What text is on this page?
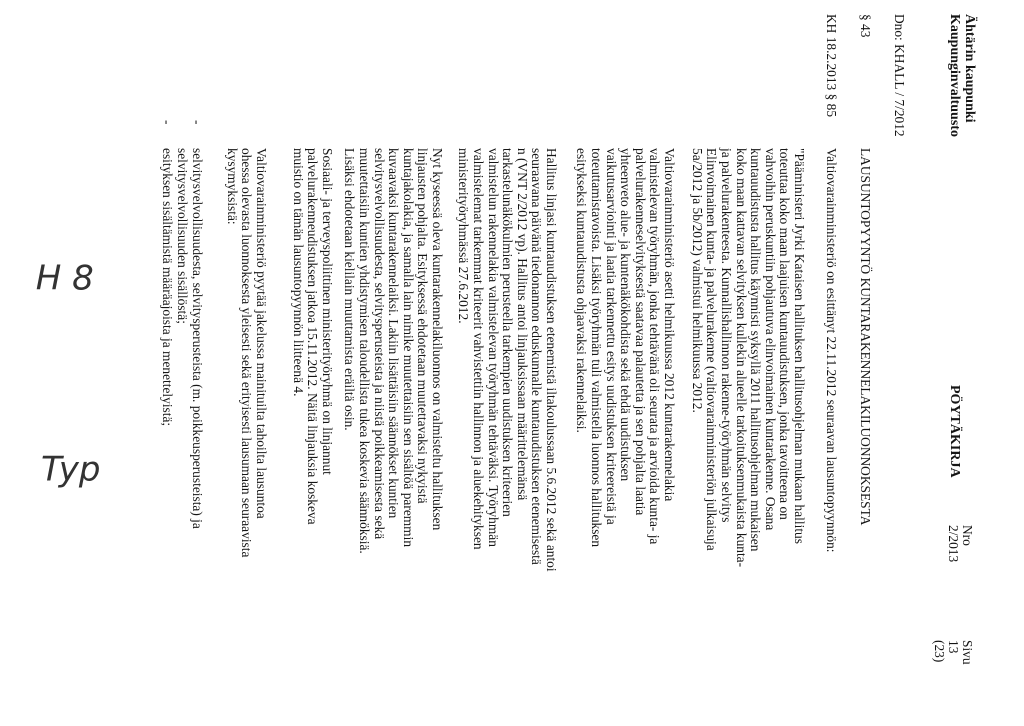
Ähtärin kaupunki
Kaupunginvaltuusto
PÖYTÄKIRJA
Nro
2/2013
Sivu
13
(23)
Dno: KHALL / 7/2012
§ 43
LAUSUNTOPYYNTÖ KUNTARAKENNELAKILUONNOKSESTA
KH 18.2.2013 § 85
Valtiovarainministeriö on esittänyt 22.11.2012 seuraavan lausuntopyynnön:
"Pääministeri Jyrki Kataisen hallituksen hallitusohjelman mukaan hallitus
toteuttaa koko maan laajuisen kuntauudistuksen, jonka tavoitteena on
vahvoihin peruskuntiin pohjautuva elinvoimainen kuntarakenne. Osana
kuntauudistusta hallitus käynnisti syksyllä 2011 hallitusohjelman mukaisen
koko maan kattavan selvityksen kullekin alueelle tarkoituksenmukaista kunta-
ja palvelurakenteesta. Kunnallishallinnon rakenne-työryhmän selvitys
Elinvoimainen kunta- ja palvelurakenne (valtiovarainministeriön julkaisuja
5a/2012 ja 5b/2012) valmistui helmikuussa 2012.
Valtiovarainministeriö asetti helmikuussa 2012 kuntarakennelakia
valmistelevan työryhmän, jonka tehtävänä oli seurata ja arvioida kunta- ja
palvelurakenneselvityksestä saatavaa palautetta ja sen pohjalta laatia
yhteenveto alue- ja kuntenäkökohdista sekä tehdä uudistuksen
vaikutusarviointi ja laatia tarkennettu esitys uudistuksen kriteereistä ja
toteuttamistavoista. Lisäksi työryhmän tuli valmistella luonnos hallituksen
esitykseksi kuntauudistusta ohjaavaksi rakennelaiksi.
Hallitus linjasi kuntauudistuksen etenemistä iltakoulussaan 5.6.2012 sekä antoi
seuraavana päivänä tiedonannon eduskunnalle kuntauudistuksen etenemisestä
n (VNT 2/2012 vp). Hallitus antoi linjauksissaan määrittelemänsä
tarkastelunäkökulmien perusteella tarkempien uudistuksen kriteerien
valmistelun rakennelakia valmistelevan työryhmän tehtäväksi. Työryhmän
valmistelemat tarkemmat kriteerit vahvistettiin hallinnon ja aluekehityksen
ministerityöryhmässä 27.6.2012.
Nyt kyseessä oleva kuntarakennelakiluonnos on valmisteltu hallituksen
linjausten pohjalta. Esityksessä ehdotetaan muutettavaksi nykyistä
kuntajakolakia, ja samalla lain nimike muutettaisiin sen sisältöä paremmin
kuvaavaksi kuntarakennelaiksi. Lakiin lisättäisiin säännökset kuntien
selvitysvelvollisuudesta, selvitysperusteista ja niistä poikkeamisesta sekä
muutettaisiin kuntien yhdistymisen taloudellista tukea koskevia säännöksiä.
Lisäksi ehdotetaan kielilain muuttamista eräiltä osin.
Sosiaali- ja terveyspoliittinen ministerityöryhmä on linjannut
palvelurakenneudistuksen jatkoa 15.11.2012. Näitä linjauksia koskeva
muistio on tämän lausuntopyynnön liitteenä 4.
Valtiovarainministeriö pyytää jakelussa mainituilta tahoilta lausuntoa
ohessa olevasta luonnoksesta yleisesti sekä erityisesti lausumaan seuraavista
kysymyksistä:
-
selvitysvelvollisuudesta, selvitysperusteista (m. poikkeusperusteista) ja
selvitysvelvollisuuden sisällöstä;
-
esityksen sisältämistä määräajoista ja menettelyistä;
H 8
Typ
